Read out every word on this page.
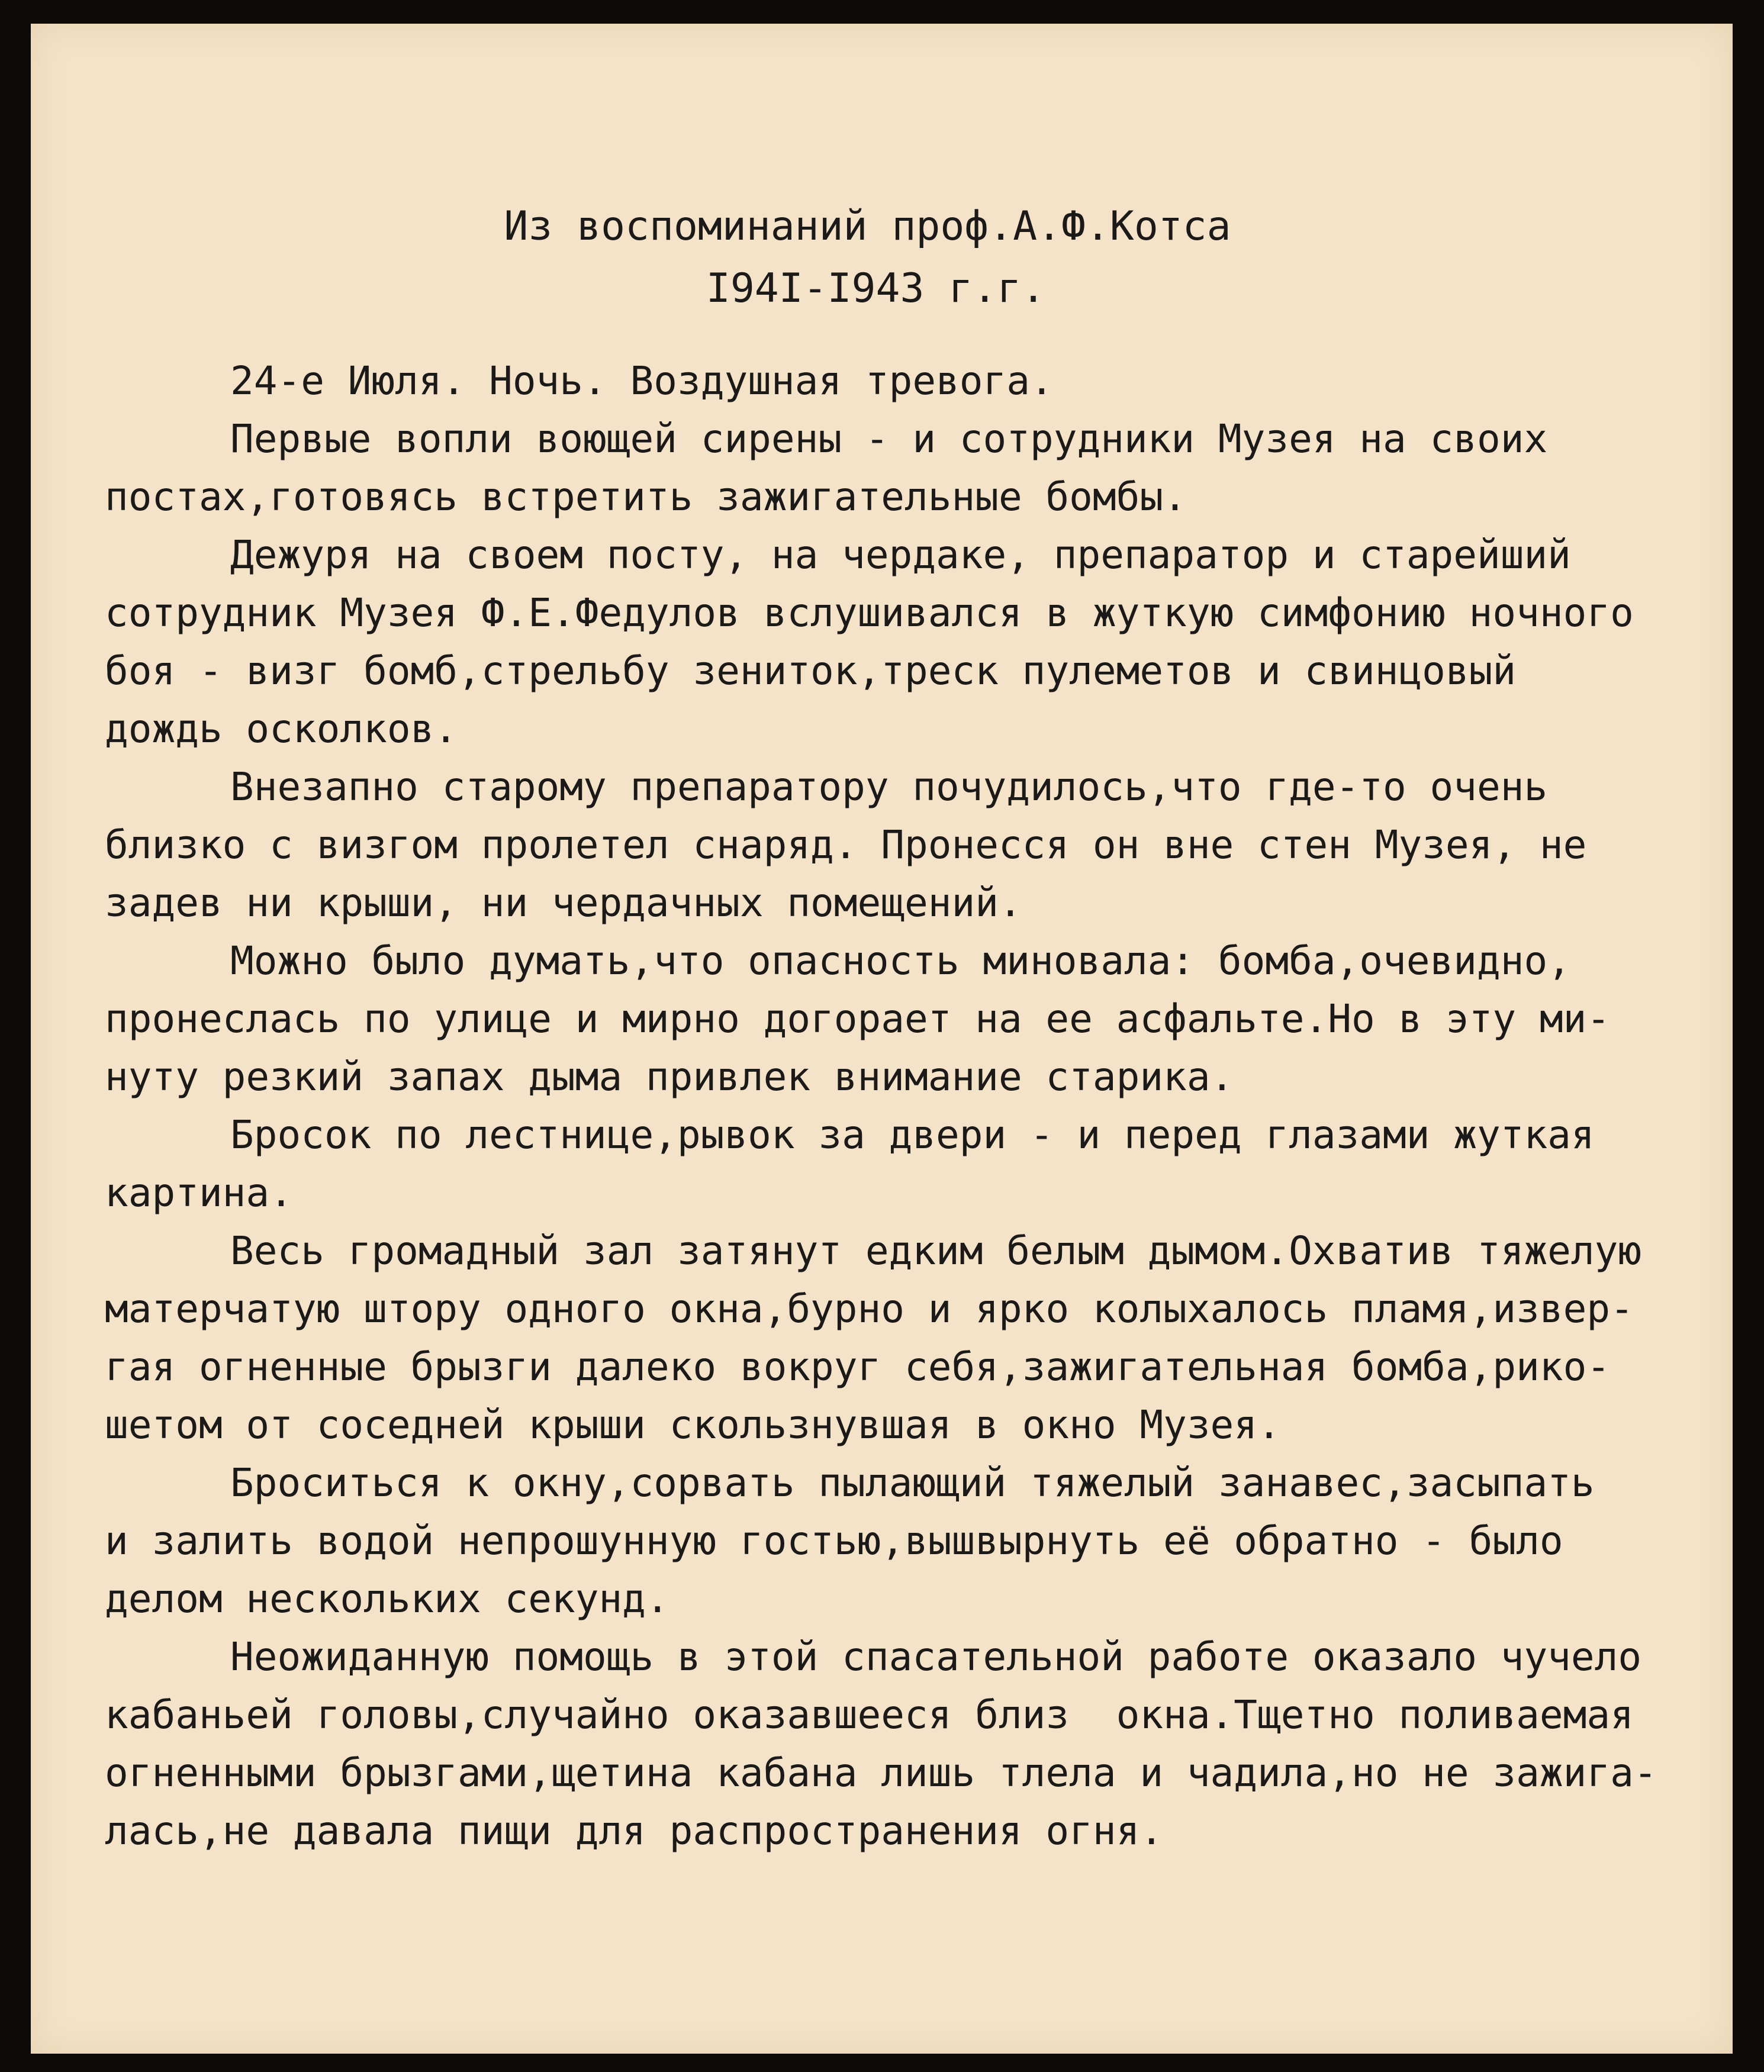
Из воспоминаний проф.А.Ф.Котса
I94I-I943 г.г.
24-е Июля. Ночь. Воздушная тревога.
Первые вопли воющей сирены - и сотрудники Музея на своих
постах,готовясь встретить зажигательные бомбы.
Дежуря на своем посту, на чердаке, препаратор и старейший
сотрудник Музея Ф.Е.Федулов вслушивался в жуткую симфонию ночного
боя - визг бомб,стрельбу зениток,треск пулеметов и свинцовый
дождь осколков.
Внезапно старому препаратору почудилось,что где-то очень
близко с визгом пролетел снаряд. Пронесся он вне стен Музея, не
задев ни крыши, ни чердачных помещений.
Можно было думать,что опасность миновала: бомба,очевидно,
пронеслась по улице и мирно догорает на ее асфальте.Но в эту ми-
нуту резкий запах дыма привлек внимание старика.
Бросок по лестнице,рывок за двери - и перед глазами жуткая
картина.
Весь громадный зал затянут едким белым дымом.Охватив тяжелую
матерчатую штору одного окна,бурно и ярко колыхалось пламя,извер-
гая огненные брызги далеко вокруг себя,зажигательная бомба,рико-
шетом от соседней крыши скользнувшая в окно Музея.
Броситься к окну,сорвать пылающий тяжелый занавес,засыпать
и залить водой непрошунную гостью,вышвырнуть её обратно - было
делом нескольких секунд.
Неожиданную помощь в этой спасательной работе оказало чучело
кабаньей головы,случайно оказавшееся близ  окна.Тщетно поливаемая
огненными брызгами,щетина кабана лишь тлела и чадила,но не зажига-
лась,не давала пищи для распространения огня.
